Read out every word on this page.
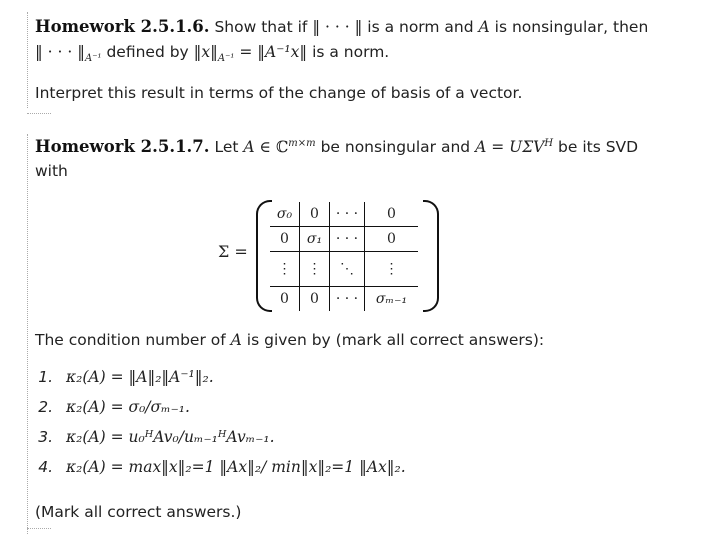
Homework 2.5.1.6. Show that if ‖ · · · ‖ is a norm and A is nonsingular, then
‖ · · · $‖_{A^{-1}}$ defined by $‖x‖_{A^{-1}}$ = ‖A⁻¹x‖ is a norm.
Interpret this result in terms of the change of basis of a vector.
Homework 2.5.1.7. Let A ∈ ℂ$^{m\times m}$ be nonsingular and $A = U\Sigma V^H$ be its SVD
with
Σ =
σ₀	0	· · ·	0
0	σ₁	· · ·	0
⋮	⋮	⋱	⋮
0	0	· · ·	σₘ₋₁
The condition number of A is given by (mark all correct answers):
1. κ₂(A) = ‖A‖₂‖A⁻¹‖₂.
2. κ₂(A) = σ₀/σₘ₋₁.
3. κ₂(A) = u₀ᴴAv₀/uₘ₋₁ᴴAvₘ₋₁.
4. κ₂(A) = max‖x‖₂=1 ‖Ax‖₂/ min‖x‖₂=1 ‖Ax‖₂.
(Mark all correct answers.)
